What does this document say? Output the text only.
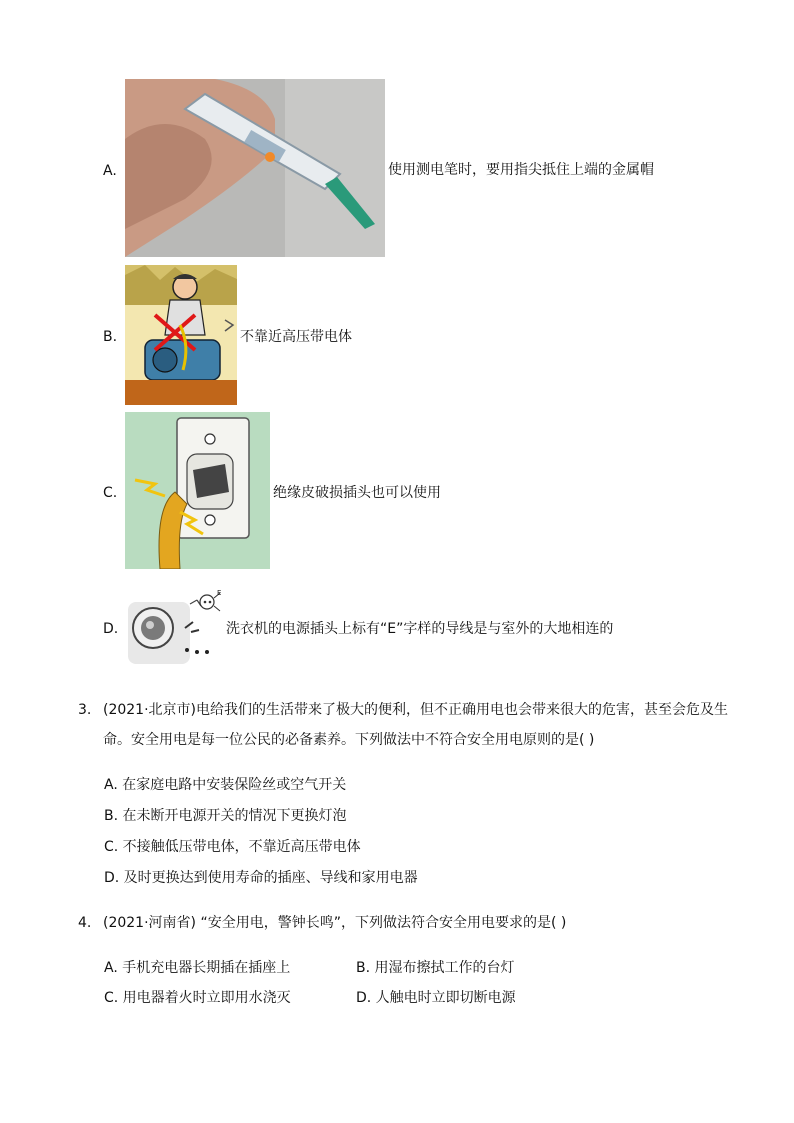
A.	使用测电笔时，要用指尖抵住上端的金属帽
B.	不靠近高压带电体
C.	绝缘皮破损插头也可以使用
D.
E
洗衣机的电源插头上标有“E”字样的导线是与室外的大地相连的
3. (2021·北京市)电给我们的生活带来了极大的便利，但不正确用电也会带来很大的危害，甚至会危及生
命。安全用电是每一位公民的必备素养。下列做法中不符合安全用电原则的是( )
A. 在家庭电路中安装保险丝或空气开关
B. 在未断开电源开关的情况下更换灯泡
C. 不接触低压带电体，不靠近高压带电体
D. 及时更换达到使用寿命的插座、导线和家用电器
4. (2021·河南省) “安全用电，警钟长鸣”，下列做法符合安全用电要求的是( )
A. 手机充电器长期插在插座上	B. 用湿布擦拭工作的台灯
C. 用电器着火时立即用水浇灭	D. 人触电时立即切断电源
